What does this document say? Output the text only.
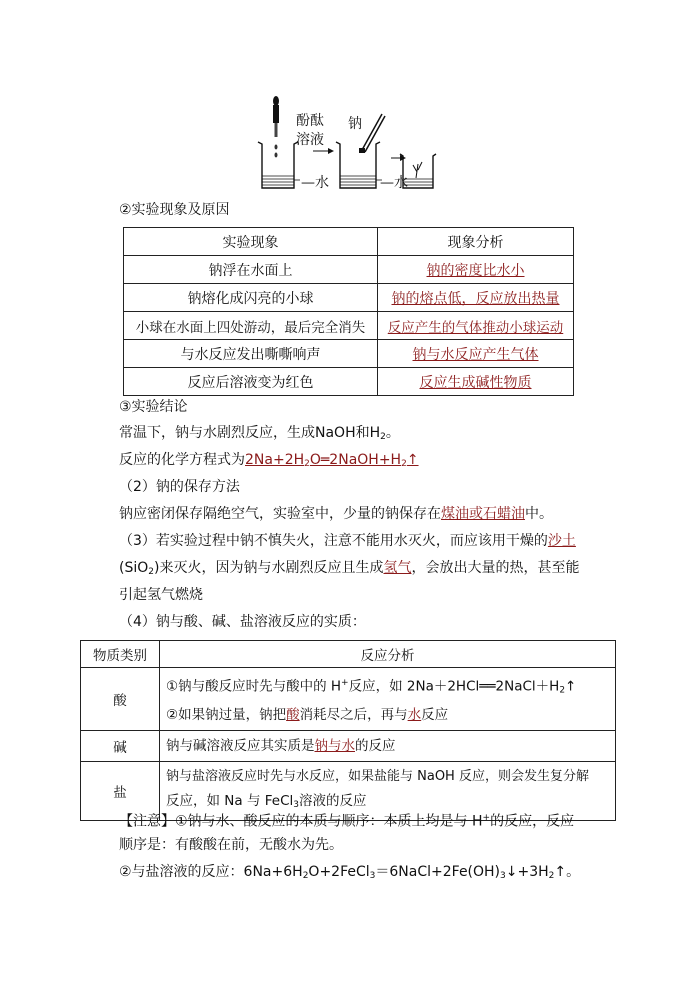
酚酞
溶液
钠
—水	—水
②实验现象及原因
实验现象	现象分析
钠浮在水面上	钠的密度比水小
钠熔化成闪亮的小球	钠的熔点低，反应放出热量
小球在水面上四处游动，最后完全消失	反应产生的气体推动小球运动
与水反应发出嘶嘶响声	钠与水反应产生气体
反应后溶液变为红色	反应生成碱性物质
③实验结论
常温下，钠与水剧烈反应，生成NaOH和$H_2$。
反应的化学方程式为$2Na+2H_2O═2NaOH+H_2↑$
（2）钠的保存方法
钠应密闭保存隔绝空气，实验室中，少量的钠保存在煤油或石蜡油中。
（3）若实验过程中钠不慎失火，注意不能用水灭火，而应该用干燥的沙土
(SiO$_2$)来灭火，因为钠与水剧烈反应且生成氢气，会放出大量的热，甚至能
引起氢气燃烧
（4）钠与酸、碱、盐溶液反应的实质：
物质类别	反应分析
酸	①钠与酸反应时先与酸中的 H+反应，如 $2Na+2HCl══2NaCl+H_2↑$
②如果钠过量，钠把酸消耗尽之后，再与水反应

碱	钠与碱溶液反应其实质是钠与水的反应
盐	钠与盐溶液反应时先与水反应，如果盐能与 NaOH 反应，则会发生复分解
反应，如 Na 与 FeCl$_3$溶液的反应
【注意】①钠与水、酸反应的本质与顺序：本质上均是与 H+的反应，反应
顺序是：有酸酸在前，无酸水为先。
②与盐溶液的反应：$6Na+6H_2O+2FeCl_3=6NaCl+2Fe(OH)_3↓+3H_2↑$。
